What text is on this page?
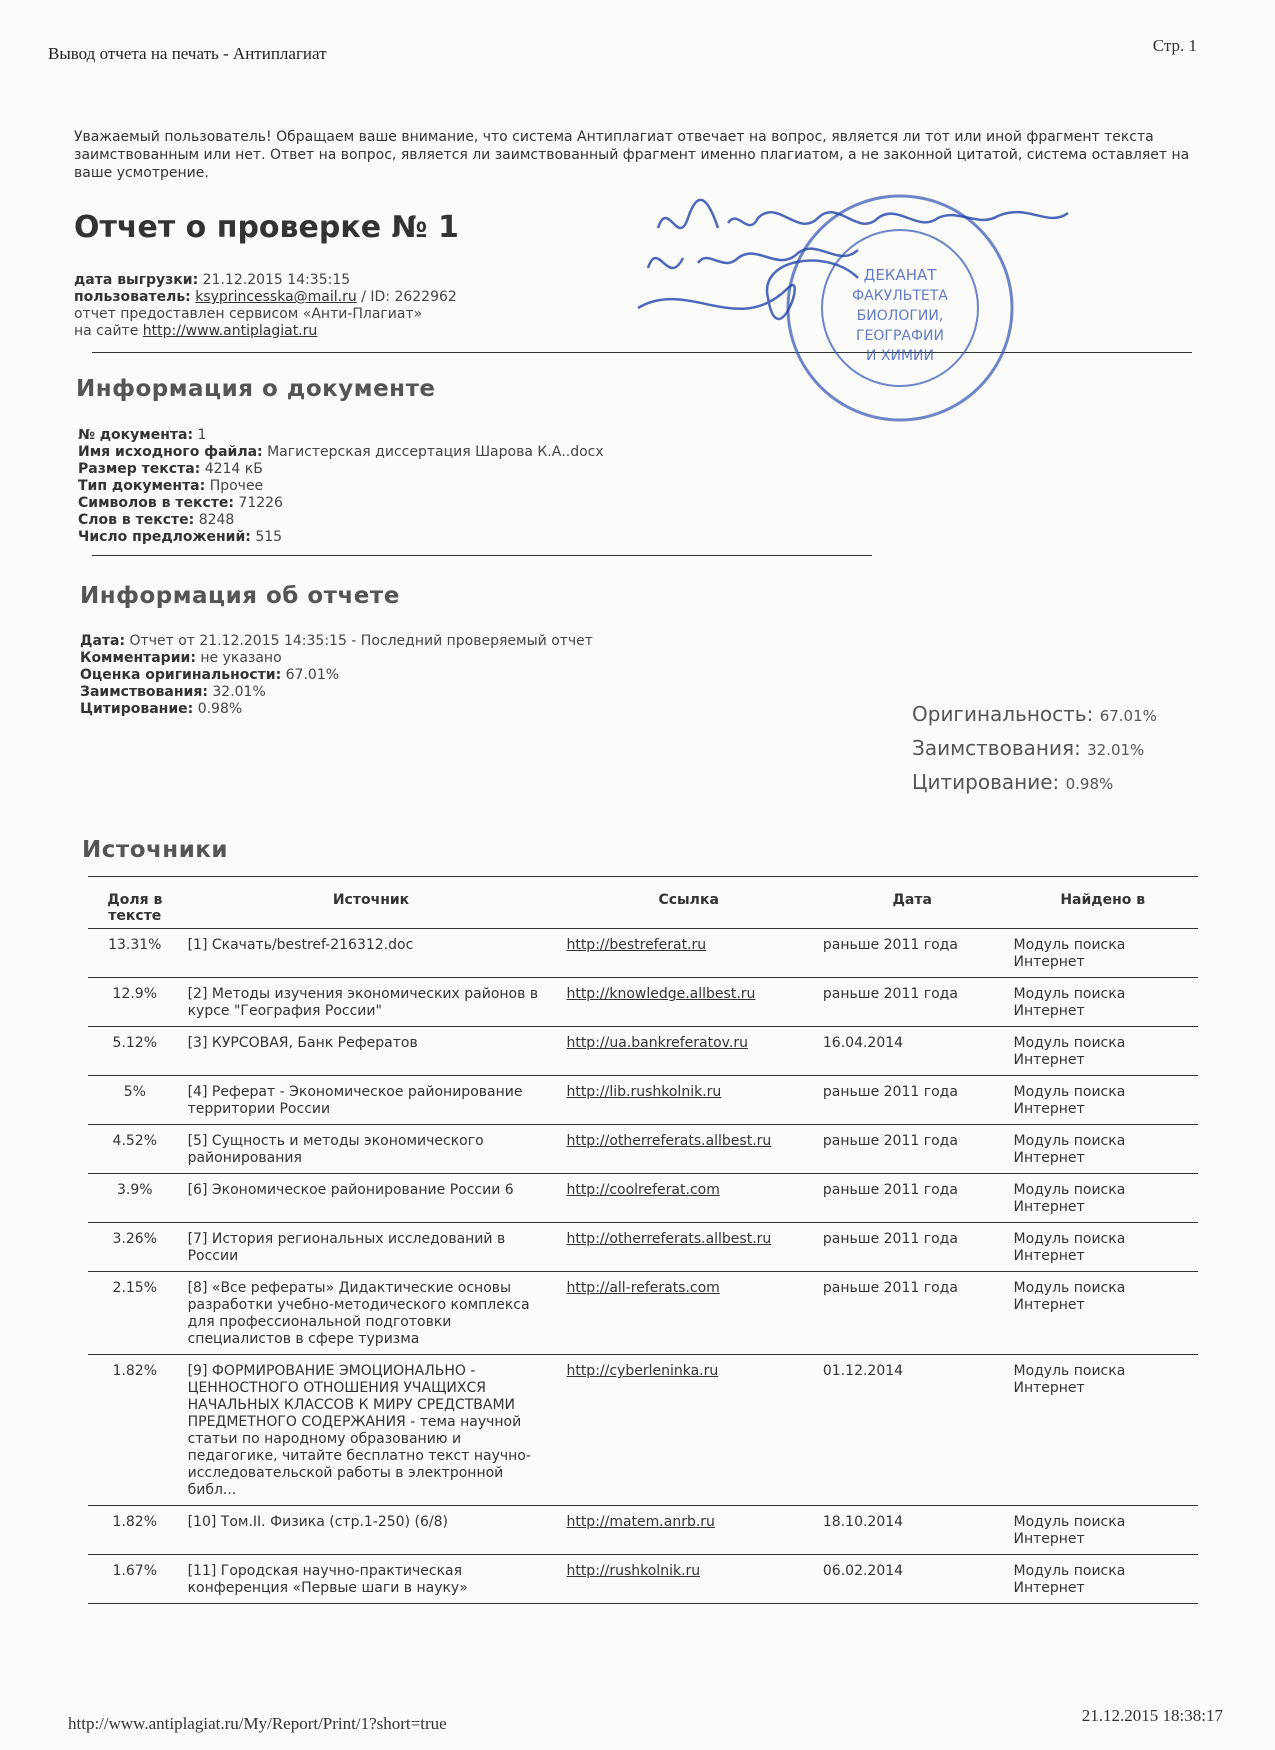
Вывод отчета на печать - Антиплагиат	Стр. 1
Уважаемый пользователь! Обращаем ваше внимание, что система Антиплагиат отвечает на вопрос, является ли тот или иной фрагмент текста заимствованным или нет. Ответ на вопрос, является ли заимствованный фрагмент именно плагиатом, а не законной цитатой, система оставляет на ваше усмотрение.
Отчет о проверке № 1
дата выгрузки: 21.12.2015 14:35:15
пользователь: ksyprincesska@mail.ru / ID: 2622962
отчет предоставлен сервисом «Анти-Плагиат»
на сайте http://www.antiplagiat.ru
Информация о документе
№ документа: 1
Имя исходного файла: Магистерская диссертация Шарова К.А..docx
Размер текста: 4214 кБ
Тип документа: Прочее
Символов в тексте: 71226
Слов в тексте: 8248
Число предложений: 515
Информация об отчете
Дата: Отчет от 21.12.2015 14:35:15 - Последний проверяемый отчет
Комментарии: не указано
Оценка оригинальности: 67.01%
Заимствования: 32.01%
Цитирование: 0.98%	Оригинальность: 67.01%
Заимствования: 32.01%
Цитирование: 0.98%
Источники
Доля в тексте	Источник	Ссылка	Дата	Найдено в
13.31%	[1] Скачать/bestref-216312.doc	http://bestreferat.ru	раньше 2011 года	Модуль поиска Интернет
12.9%	[2] Методы изучения экономических районов в курсе "География России"	http://knowledge.allbest.ru	раньше 2011 года	Модуль поиска Интернет
5.12%	[3] КУРСОВАЯ, Банк Рефератов	http://ua.bankreferatov.ru	16.04.2014	Модуль поиска Интернет
5%	[4] Реферат - Экономическое районирование территории России	http://lib.rushkolnik.ru	раньше 2011 года	Модуль поиска Интернет
4.52%	[5] Сущность и методы экономического районирования	http://otherreferats.allbest.ru	раньше 2011 года	Модуль поиска Интернет
3.9%	[6] Экономическое районирование России 6	http://coolreferat.com	раньше 2011 года	Модуль поиска Интернет
3.26%	[7] История региональных исследований в России	http://otherreferats.allbest.ru	раньше 2011 года	Модуль поиска Интернет
2.15%	[8] «Все рефераты» Дидактические основы разработки учебно-методического комплекса для профессиональной подготовки специалистов в сфере туризма	http://all-referats.com	раньше 2011 года	Модуль поиска Интернет
1.82%	[9] ФОРМИРОВАНИЕ ЭМОЦИОНАЛЬНО - ЦЕННОСТНОГО ОТНОШЕНИЯ УЧАЩИХСЯ НАЧАЛЬНЫХ КЛАССОВ К МИРУ СРЕДСТВАМИ ПРЕДМЕТНОГО СОДЕРЖАНИЯ - тема научной статьи по народному образованию и педагогике, читайте бесплатно текст научно-исследовательской работы в электронной библ...	http://cyberleninka.ru	01.12.2014	Модуль поиска Интернет
1.82%	[10] Том.II. Физика (стр.1-250) (6/8)	http://matem.anrb.ru	18.10.2014	Модуль поиска Интернет
1.67%	[11] Городская научно-практическая конференция «Первые шаги в науку»	http://rushkolnik.ru	06.02.2014	Модуль поиска Интернет
http://www.antiplagiat.ru/My/Report/Print/1?short=true	21.12.2015 18:38:17
ДЕКАНАТ
ФАКУЛЬТЕТА
БИОЛОГИИ,
ГЕОГРАФИИ
И ХИМИИ
